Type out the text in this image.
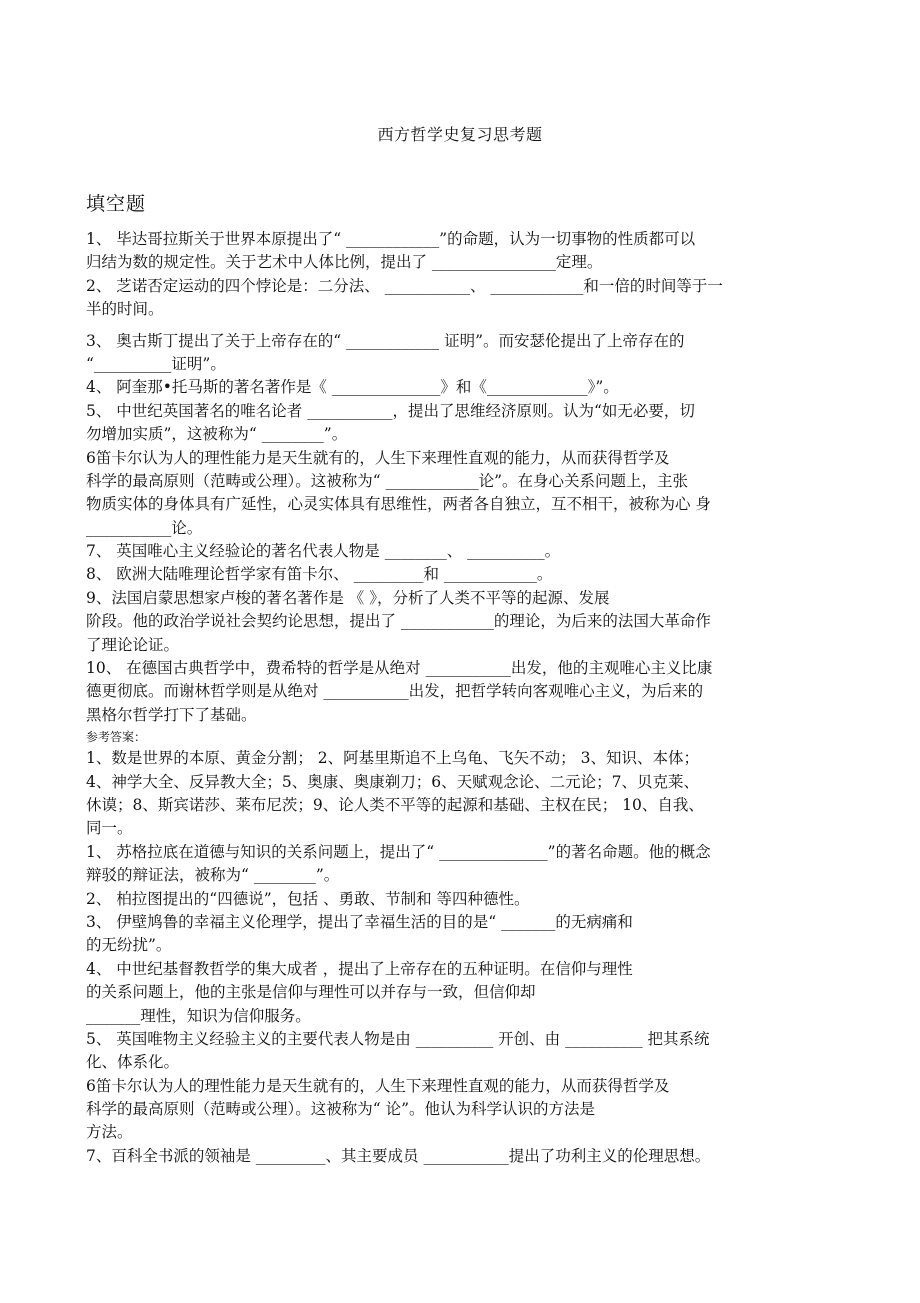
西方哲学史复习思考题
填空题
1、 毕达哥拉斯关于世界本原提出了“ ____________”的命题，认为一切事物的性质都可以
归结为数的规定性。关于艺术中人体比例，提出了 ________________定理。
2、 芝诺否定运动的四个悖论是：二分法、 ___________、 ____________和一倍的时间等于一
半的时间。
3、 奥古斯丁提出了关于上帝存在的“ ____________ 证明”。而安瑟伦提出了上帝存在的
“__________证明”。
4、 阿奎那•托马斯的著名著作是《 ______________》和《_____________》”。
5、 中世纪英国著名的唯名论者 ___________，提出了思维经济原则。认为“如无必要，切
勿增加实质”，这被称为“ ________”。
6笛卡尔认为人的理性能力是天生就有的，人生下来理性直观的能力，从而获得哲学及
科学的最高原则（范畴或公理）。这被称为“ ____________论”。在身心关系问题上，主张
物质实体的身体具有广延性，心灵实体具有思维性，两者各自独立，互不相干，被称为心 身
___________论。
7、 英国唯心主义经验论的著名代表人物是 ________、 __________。
8、 欧洲大陆唯理论哲学家有笛卡尔、 _________和 ____________。
9、法国启蒙思想家卢梭的著名著作是 《 》，分析了人类不平等的起源、发展
阶段。他的政治学说社会契约论思想，提出了 ____________的理论，为后来的法国大革命作
了理论论证。
10、 在德国古典哲学中，费希特的哲学是从绝对 ___________出发，他的主观唯心主义比康
德更彻底。而谢林哲学则是从绝对 ___________出发，把哲学转向客观唯心主义，为后来的
黑格尔哲学打下了基础。
参考答案：
1、数是世界的本原、黄金分割； 2、阿基里斯追不上乌龟、飞矢不动； 3、知识、本体；
4、神学大全、反异教大全；5、奥康、奥康剃刀；6、天赋观念论、二元论；7、贝克莱、
休谟；8、斯宾诺莎、莱布尼茨；9、论人类不平等的起源和基础、主权在民； 10、自我、
同一。
1、 苏格拉底在道德与知识的关系问题上，提出了“ ______________”的著名命题。他的概念
辩驳的辩证法，被称为“ ________”。
2、 柏拉图提出的“四德说”，包括 、勇敢、节制和 等四种德性。
3、 伊壁鸠鲁的幸福主义伦理学，提出了幸福生活的目的是“ _______的无病痛和
的无纷扰”。
4、 中世纪基督教哲学的集大成者 ，提出了上帝存在的五种证明。在信仰与理性
的关系问题上，他的主张是信仰与理性可以并存与一致，但信仰却
_______理性，知识为信仰服务。
5、 英国唯物主义经验主义的主要代表人物是由 __________ 开创、由 __________ 把其系统
化、体系化。
6笛卡尔认为人的理性能力是天生就有的，人生下来理性直观的能力，从而获得哲学及
科学的最高原则（范畴或公理）。这被称为“ 论”。他认为科学认识的方法是
方法。
7、百科全书派的领袖是 _________、其主要成员 ___________提出了功利主义的伦理思想。
